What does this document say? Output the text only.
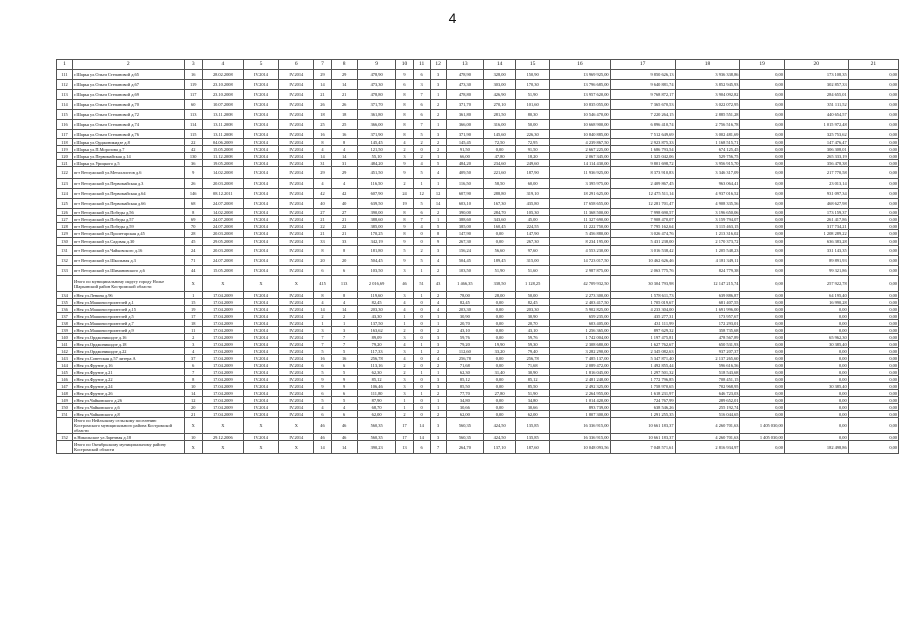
4
1	2	3	4	5	6	7	8	9	10	11	12	13	14	15	16	17	18	19	20	21
111	г.Шарья ул.Ольги Степановой д.65	16	28.02.2008	IV.2014	IV.2014	29	29	478,90	9	6	3	478,90	328,00	150,90	13 969 925,00	9 850 626,13	3 936 338,86	0,00	173 108,35	0,00
112	г.Шарья ул.Ольги Степановой д.67	119	23.10.2008	IV.2014	IV.2014	14	14	473,30	6	3	3	473,30	303,00	170,30	13 796 685,00	9 640 881,74	3 852 945,93	0,00	302 857,33	0,00
113	г.Шарья ул.Ольги Степановой д.69	117	23.10.2008	IV.2014	IV.2014	21	21	478,80	8	7	1	478,80	426,90	51,90	13 957 620,00	9 768 872,17	3 904 092,82	0,00	284 655,01	0,00
114	г.Шарья ул.Ольги Степановой д.70	60	10.07.2008	IV.2014	IV.2014	26	26	371,70	8	6	2	371,70	270,10	101,60	10 835 055,00	7 365 670,53	3 022 072,95	0,00	351 111,52	0,00
115	г.Шарья ул.Ольги Степановой д.72	113	13.11.2008	IV.2014	IV.2014	18	18	361,80	8	6	2	361,80	281,50	80,30	10 546 470,00	7 220 264,15	2 885 551,28	0,00	440 654,57	0,00
116	г.Шарья ул.Ольги Степановой д.74	114	13.11.2008	IV.2014	IV.2014	25	25	366,00	8	7	1	366,00	316,00	50,00	10 668 900,00	6 896 410,74	2 756 516,78	0,00	1 015 972,48	0,00
117	г.Шарья ул.Ольги Степановой д.76	115	13.11.2008	IV.2014	IV.2014	16	16	371,90	8	5	3	371,90	145,60	226,30	10 840 885,00	7 512 649,69	3 002 481,69	0,00	325 753,62	0,00
118	г.Шарья ул.Орджоникидзе д.8	22	04.06.2009	IV.2014	IV.2014	8	8	145,45	4	2	2	145,45	72,50	72,95	4 239 867,50	2 923 875,33	1 168 515,71	0,00	147 476,47	0,00
119	г.Шарья ул.П.Морозова д.7	42	15.05.2008	IV.2014	IV.2014	4	4	121,50	2	0	2	91,50	0,00	91,50	2 667 225,00	1 686 793,54	674 125,45	0,00	306 308,01	0,00
120	г.Шарья ул.Первомайская д.14	130	11.12.2008	IV.2014	IV.2014	14	14	55,10	3	2	1	66,00	47,80	18,20	2 067 345,00	1 325 042,06	529 756,75	0,00	265 333,19	0,00
121	г.Шарья ул.Урицкого д.5	36	19.05.2008	IV.2014	IV.2014	31	31	484,20	9	4	5	484,20	234,60	249,60	14 114 430,00	9 801 698,72	3 956 915,70	0,00	356 478,38	0,00
122	пгт Ветлужский ул.Металлистов д.6	9	14.02.2008	IV.2014	IV.2014	29	29	451,50	9	5	4	409,50	221,60	187,90	11 936 925,00	8 373 910,83	3 346 317,09	0,00	217 770,58	0,00
123	пгт Ветлужский ул.Первомайская д.3	26	20.03.2008	IV.2014	IV.2014	4	4	116,50	2	1	1	116,50	58,50	60,00	3 395 975,00	2 409 867,45	963 064,41	0,00	23 013,14	0,00
124	пгт Ветлужский ул.Первомайская д.64	146	08.12.2011	IV.2014	IV.2014	42	42	607,90	24	12	12	607,90	288,80	319,10	18 291 625,00	12 475 511,14	4 937 016,52	0,00	931 097,34	0,00
125	пгт Ветлужский ул.Первомайская д.66	68	24.07.2008	IV.2014	IV.2014	40	40	639,50	19	5	14	603,10	167,30	435,80	17 658 655,00	12 281 701,47	4 908 335,56	0,00	468 627,98	0,00
126	пгт Ветлужский ул.Победы д.56	8	14.02.2008	IV.2014	IV.2014	27	27	390,00	8	6	2	390,00	284,70	105,30	11 368 500,00	7 998 690,57	3 196 650,06	0,00	173 159,37	0,00
127	пгт Ветлужский ул.Победы д.57	69	24.07.2008	IV.2014	IV.2014	21	21	388,60	8	7	1	388,60	343,60	45,00	11 327 690,00	7 908 470,07	3 159 794,07	0,00	261 417,86	0,00
128	пгт Ветлужский ул.Победы д.59	70	24.07.2008	IV.2014	IV.2014	22	22	385,00	9	4	5	385,00	160,45	224,55	11 222 750,00	7 795 162,64	3 115 463,15	0,00	317 734,21	0,00
129	пгт Ветлужский ул.Пролетарская д.45	28	20.03.2008	IV.2014	IV.2014	21	21	170,25	8	0	8	147,90	0,00	147,90	5 456 880,00	3 026 474,76	1 213 316,02	0,00	1 208 289,22	0,00
130	пгт Ветлужский ул.Садовая д.30	45	29.05.2008	IV.2014	IV.2014	33	33	342,19	9	0	9	267,30	0,00	267,30	8 234 195,00	5 431 238,00	2 170 373,72	0,00	636 383,28	0,00
131	пгт Ветлужский ул.Чайковского д.16	24	20.03.2008	IV.2014	IV.2014	8	8	181,80	5	2	3	156,24	56,60	97,60	4 553 230,00	3 016 538,42	1 205 548,23	0,00	331 143,35	0,00
132	пгт Ветлужский ул.Школьная д.3	71	24.07.2008	IV.2014	IV.2014	20	20	504,45	9	5	4	504,45	189,45	315,00	14 723 017,50	10 462 626,46	4 181 349,11	0,00	89 891,93	0,00
133	пгт Ветлужский ул.Шимановского д.6	44	15.05.2008	IV.2014	IV.2014	6	6	103,50	3	1	2	103,50	51,90	51,60	2 987 875,00	2 063 775,76	824 779,38	0,00	99 321,86	0,00
	Итого по муниципальному округу городу Нолье Шарьинский район Костромской области	X	X	X	X	415	113	2 016,69	46	51	43	1 466,35	338,50	1 128,25	42 709 932,50	30 304 793,98	12 147 215,74	0,00	257 922,78	0,00
134	г.Нея ул.Ленина д.96	1	17.04.2009	IV.2014	IV.2014	8	8	119,60	3	1	2	78,00	28,00	50,00	2 273 300,00	1 578 611,73	639 886,87	0,00	64 195,40	0,00
135	г.Нея ул.Машиностроителей д.1	15	17.04.2009	IV.2014	IV.2014	4	4	82,45	4	0	4	82,45	0,00	82,45	2 403 417,50	1 705 019,67	681 407,55	0,00	16 990,28	0,00
136	г.Нея ул.Машиностроителей д.15	19	17.04.2009	IV.2014	IV.2014	14	14	203,30	4	0	4	203,30	0,00	203,30	5 902 825,00	4 233 304,00	1 691 996,00	0,00	0,00	0,00
137	г.Нея ул.Машиностроителей д.5	17	17.04.2009	IV.2014	IV.2014	2	2	43,30	1	0	1	30,90	0,00	30,90	659 235,00	435 277,31	173 957,67	0,00	0,00	0,00
138	г.Нея ул.Машиностроителей д.7	18	17.04.2009	IV.2014	IV.2014	1	1	137,50	1	0	1	20,70	0,00	20,70	603 405,00	431 111,99	172 293,01	0,00	0,00	0,00
139	г.Нея ул.Машиностроителей д.9	11	17.04.2009	IV.2014	IV.2014	3	3	163,62	2	0	2	43,10	0,00	43,10	1 256 365,00	897 629,32	358 735,68	0,00	0,00	0,00
140	г.Нея ул.Орджоникидзе д.16	2	17.04.2009	IV.2014	IV.2014	7	7	89,09	3	0	3	59,76	0,00	59,76	1 742 004,00	1 197 475,81	478 567,89	0,00	65 962,30	0,00
141	г.Нея ул.Орджоникидзе д.18	3	17.04.2009	IV.2014	IV.2014	7	7	79,20	4	1	3	79,20	19,90	59,30	2 308 680,00	1 627 762,67	650 531,93	0,00	30 385,40	0,00
142	г.Нея ул.Орджоникидзе д.22	4	17.04.2009	IV.2014	IV.2014	5	5	117,33	3	1	2	112,60	33,20	79,40	3 282 290,00	2 345 082,63	937 207,37	0,00	0,00	0,00
143	г.Нея ул.Советская д.57 литера А	37	17.04.2009	IV.2014	IV.2014	16	16	256,78	4	0	4	256,78	0,00	256,78	7 485 137,00	5 347 871,40	2 137 265,60	0,00	0,00	0,00
144	г.Нея ул.Фрунзе д.16	6	17.04.2009	IV.2014	IV.2014	6	6	113,16	2	0	2	71,68	0,00	71,68	2 089 472,00	1 492 855,44	596 616,56	0,00	0,00	0,00
145	г.Нея ул.Фрунзе д.21	7	17.04.2009	IV.2014	IV.2014	5	5	62,30	2	1	1	62,30	31,40	30,90	1 816 045,00	1 297 501,32	518 543,68	0,00	0,00	0,00
146	г.Нея ул.Фрунзе д.22	8	17.04.2009	IV.2014	IV.2014	9	9	85,12	3	0	3	85,12	0,00	85,12	2 481 248,00	1 772 796,85	708 451,15	0,00	0,00	0,00
147	г.Нея ул.Фрунзе д.24	10	17.04.2009	IV.2014	IV.2014	9	9	106,46	3	0	3	85,50	0,00	85,50	2 492 325,00	1 758 970,65	702 968,95	0,00	30 385,40	0,00
148	г.Нея ул.Фрунзе д.26	14	17.04.2009	IV.2014	IV.2014	6	6	111,80	3	1	2	77,70	27,80	51,90	2 264 955,00	1 618 231,97	646 723,03	0,00	0,00	0,00
149	г.Нея ул.Чайковского д.26	12	17.04.2009	IV.2014	IV.2014	5	5	87,90	1	0	1	34,80	0,00	34,80	1 014 420,00	724 767,99	289 652,01	0,00	0,00	0,00
150	г.Нея ул.Чайковского д.6	20	17.04.2009	IV.2014	IV.2014	4	4	68,70	1	0	1	30,66	0,00	30,66	893 739,00	638 546,26	255 192,74	0,00	0,00	0,00
151	г.Нея ул.Чайковского д.8	21	17.04.2009	IV.2014	IV.2014	6	6	62,00	2	0	2	62,00	0,00	62,00	1 807 300,00	1 291 255,35	516 044,65	0,00	0,00	0,00
	Итого по Нейльскому сельскому поселению Костромского муниципального района Костромской области	X	X	X	X	46	46	560,35	17	14	3	560,35	424,50	135,85	16 336 915,00	10 661 183,37	4 260 701,63	1 405 030,00	0,00	0,00
152	п.Никольское ул.Заречная д.18	10	29.12.2006	IV.2014	IV.2014	46	46	560,35	17	14	3	560,35	424,50	135,85	16 336 915,00	10 661 183,37	4 260 701,63	1 405 030,00	0,00	0,00
	Итого по Октябрьскому муниципальному району Костромской области	X	X	X	X	14	14	390,23	13	6	7	264,70	137,10	187,60	10 048 093,56	7 048 571,61	2 816 934,97	0,00	182 498,86	0,00
